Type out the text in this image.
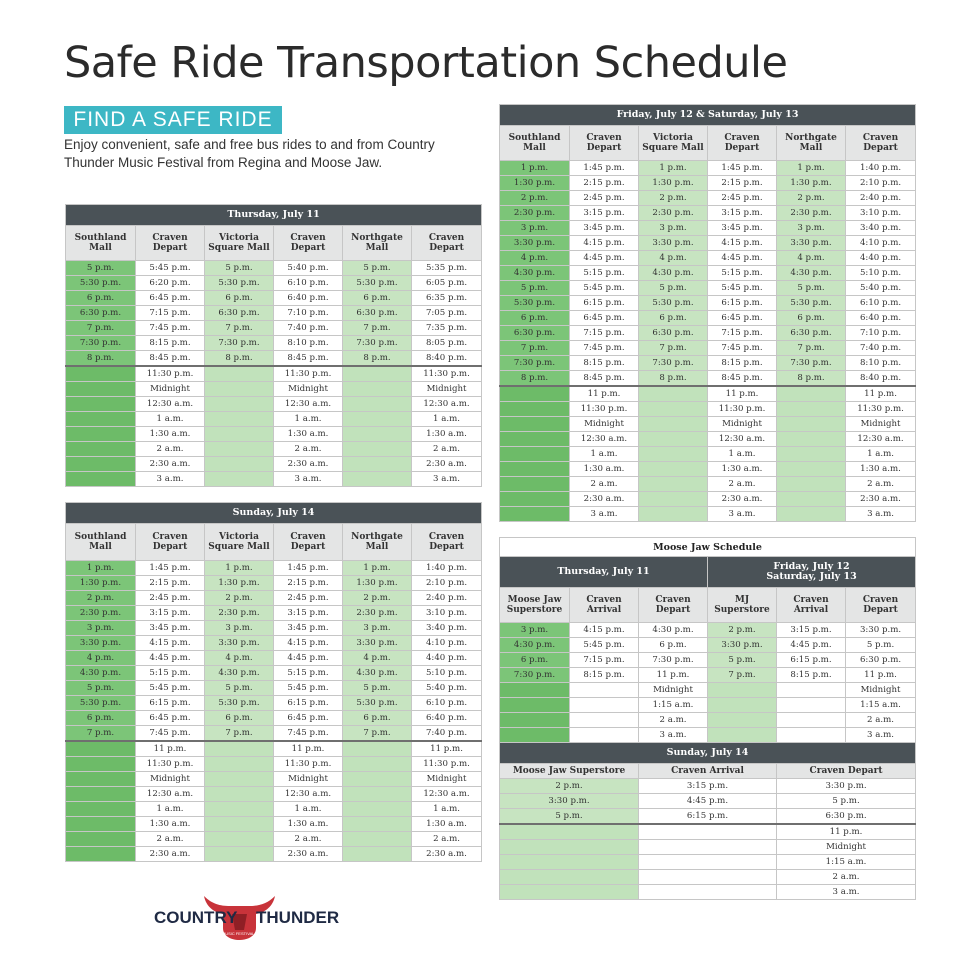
Safe Ride Transportation Schedule
FIND A SAFE RIDE

Enjoy convenient, safe and free bus rides to and from Country Thunder Music Festival from Regina and Moose Jaw.

Thursday, July 11					
Southland Mall	Craven Depart	Victoria Square Mall	Craven Depart	Northgate Mall	Craven Depart
5 p.m.	5:45 p.m.	5 p.m.	5:40 p.m.	5 p.m.	5:35 p.m.
5:30 p.m.	6:20 p.m.	5:30 p.m.	6:10 p.m.	5:30 p.m.	6:05 p.m.
6 p.m.	6:45 p.m.	6 p.m.	6:40 p.m.	6 p.m.	6:35 p.m.
6:30 p.m.	7:15 p.m.	6:30 p.m.	7:10 p.m.	6:30 p.m.	7:05 p.m.
7 p.m.	7:45 p.m.	7 p.m.	7:40 p.m.	7 p.m.	7:35 p.m.
7:30 p.m.	8:15 p.m.	7:30 p.m.	8:10 p.m.	7:30 p.m.	8:05 p.m.
8 p.m.	8:45 p.m.	8 p.m.	8:45 p.m.	8 p.m.	8:40 p.m.
	11:30 p.m.		11:30 p.m.		11:30 p.m.
	Midnight		Midnight		Midnight
	12:30 a.m.		12:30 a.m.		12:30 a.m.
	1 a.m.		1 a.m.		1 a.m.
	1:30 a.m.		1:30 a.m.		1:30 a.m.
	2 a.m.		2 a.m.		2 a.m.
	2:30 a.m.		2:30 a.m.		2:30 a.m.
	3 a.m.		3 a.m.		3 a.m.
Sunday, July 14					
Southland Mall	Craven Depart	Victoria Square Mall	Craven Depart	Northgate Mall	Craven Depart
1 p.m.	1:45 p.m.	1 p.m.	1:45 p.m.	1 p.m.	1:40 p.m.
1:30 p.m.	2:15 p.m.	1:30 p.m.	2:15 p.m.	1:30 p.m.	2:10 p.m.
2 p.m.	2:45 p.m.	2 p.m.	2:45 p.m.	2 p.m.	2:40 p.m.
2:30 p.m.	3:15 p.m.	2:30 p.m.	3:15 p.m.	2:30 p.m.	3:10 p.m.
3 p.m.	3:45 p.m.	3 p.m.	3:45 p.m.	3 p.m.	3:40 p.m.
3:30 p.m.	4:15 p.m.	3:30 p.m.	4:15 p.m.	3:30 p.m.	4:10 p.m.
4 p.m.	4:45 p.m.	4 p.m.	4:45 p.m.	4 p.m.	4:40 p.m.
4:30 p.m.	5:15 p.m.	4:30 p.m.	5:15 p.m.	4:30 p.m.	5:10 p.m.
5 p.m.	5:45 p.m.	5 p.m.	5:45 p.m.	5 p.m.	5:40 p.m.
5:30 p.m.	6:15 p.m.	5:30 p.m.	6:15 p.m.	5:30 p.m.	6:10 p.m.
6 p.m.	6:45 p.m.	6 p.m.	6:45 p.m.	6 p.m.	6:40 p.m.
7 p.m.	7:45 p.m.	7 p.m.	7:45 p.m.	7 p.m.	7:40 p.m.
	11 p.m.		11 p.m.		11 p.m.
	11:30 p.m.		11:30 p.m.		11:30 p.m.
	Midnight		Midnight		Midnight
	12:30 a.m.		12:30 a.m.		12:30 a.m.
	1 a.m.		1 a.m.		1 a.m.
	1:30 a.m.		1:30 a.m.		1:30 a.m.
	2 a.m.		2 a.m.		2 a.m.
	2:30 a.m.		2:30 a.m.		2:30 a.m.
Friday, July 12 & Saturday, July 13					
Southland Mall	Craven Depart	Victoria Square Mall	Craven Depart	Northgate Mall	Craven Depart
1 p.m.	1:45 p.m.	1 p.m.	1:45 p.m.	1 p.m.	1:40 p.m.
1:30 p.m.	2:15 p.m.	1:30 p.m.	2:15 p.m.	1:30 p.m.	2:10 p.m.
2 p.m.	2:45 p.m.	2 p.m.	2:45 p.m.	2 p.m.	2:40 p.m.
2:30 p.m.	3:15 p.m.	2:30 p.m.	3:15 p.m.	2:30 p.m.	3:10 p.m.
3 p.m.	3:45 p.m.	3 p.m.	3:45 p.m.	3 p.m.	3:40 p.m.
3:30 p.m.	4:15 p.m.	3:30 p.m.	4:15 p.m.	3:30 p.m.	4:10 p.m.
4 p.m.	4:45 p.m.	4 p.m.	4:45 p.m.	4 p.m.	4:40 p.m.
4:30 p.m.	5:15 p.m.	4:30 p.m.	5:15 p.m.	4:30 p.m.	5:10 p.m.
5 p.m.	5:45 p.m.	5 p.m.	5:45 p.m.	5 p.m.	5:40 p.m.
5:30 p.m.	6:15 p.m.	5:30 p.m.	6:15 p.m.	5:30 p.m.	6:10 p.m.
6 p.m.	6:45 p.m.	6 p.m.	6:45 p.m.	6 p.m.	6:40 p.m.
6:30 p.m.	7:15 p.m.	6:30 p.m.	7:15 p.m.	6:30 p.m.	7:10 p.m.
7 p.m.	7:45 p.m.	7 p.m.	7:45 p.m.	7 p.m.	7:40 p.m.
7:30 p.m.	8:15 p.m.	7:30 p.m.	8:15 p.m.	7:30 p.m.	8:10 p.m.
8 p.m.	8:45 p.m.	8 p.m.	8:45 p.m.	8 p.m.	8:40 p.m.
	11 p.m.		11 p.m.		11 p.m.
	11:30 p.m.		11:30 p.m.		11:30 p.m.
	Midnight		Midnight		Midnight
	12:30 a.m.		12:30 a.m.		12:30 a.m.
	1 a.m.		1 a.m.		1 a.m.
	1:30 a.m.		1:30 a.m.		1:30 a.m.
	2 a.m.		2 a.m.		2 a.m.
	2:30 a.m.		2:30 a.m.		2:30 a.m.
	3 a.m.		3 a.m.		3 a.m.
Moose Jaw Schedule					
Thursday, July 11			Friday, July 12
Saturday, July 13		

Moose Jaw Superstore	Craven Arrival	Craven Depart	MJ Superstore	Craven Arrival	Craven Depart
3 p.m.	4:15 p.m.	4:30 p.m.	2 p.m.	3:15 p.m.	3:30 p.m.
4:30 p.m.	5:45 p.m.	6 p.m.	3:30 p.m.	4:45 p.m.	5 p.m.
6 p.m.	7:15 p.m.	7:30 p.m.	5 p.m.	6:15 p.m.	6:30 p.m.
7:30 p.m.	8:15 p.m.	11 p.m.	7 p.m.	8:15 p.m.	11 p.m.
		Midnight			Midnight
		1:15 a.m.			1:15 a.m.
		2 a.m.			2 a.m.
		3 a.m.			3 a.m.
Sunday, July 14					
Moose Jaw Superstore		Craven Arrival		Craven Depart	
2 p.m.		3:15 p.m.		3:30 p.m.	
3:30 p.m.		4:45 p.m.		5 p.m.	
5 p.m.		6:15 p.m.		6:30 p.m.	
				11 p.m.	
				Midnight	
				1:15 a.m.	
				2 a.m.	
				3 a.m.	
COUNTRY THUNDER
MUSIC FESTIVALS
